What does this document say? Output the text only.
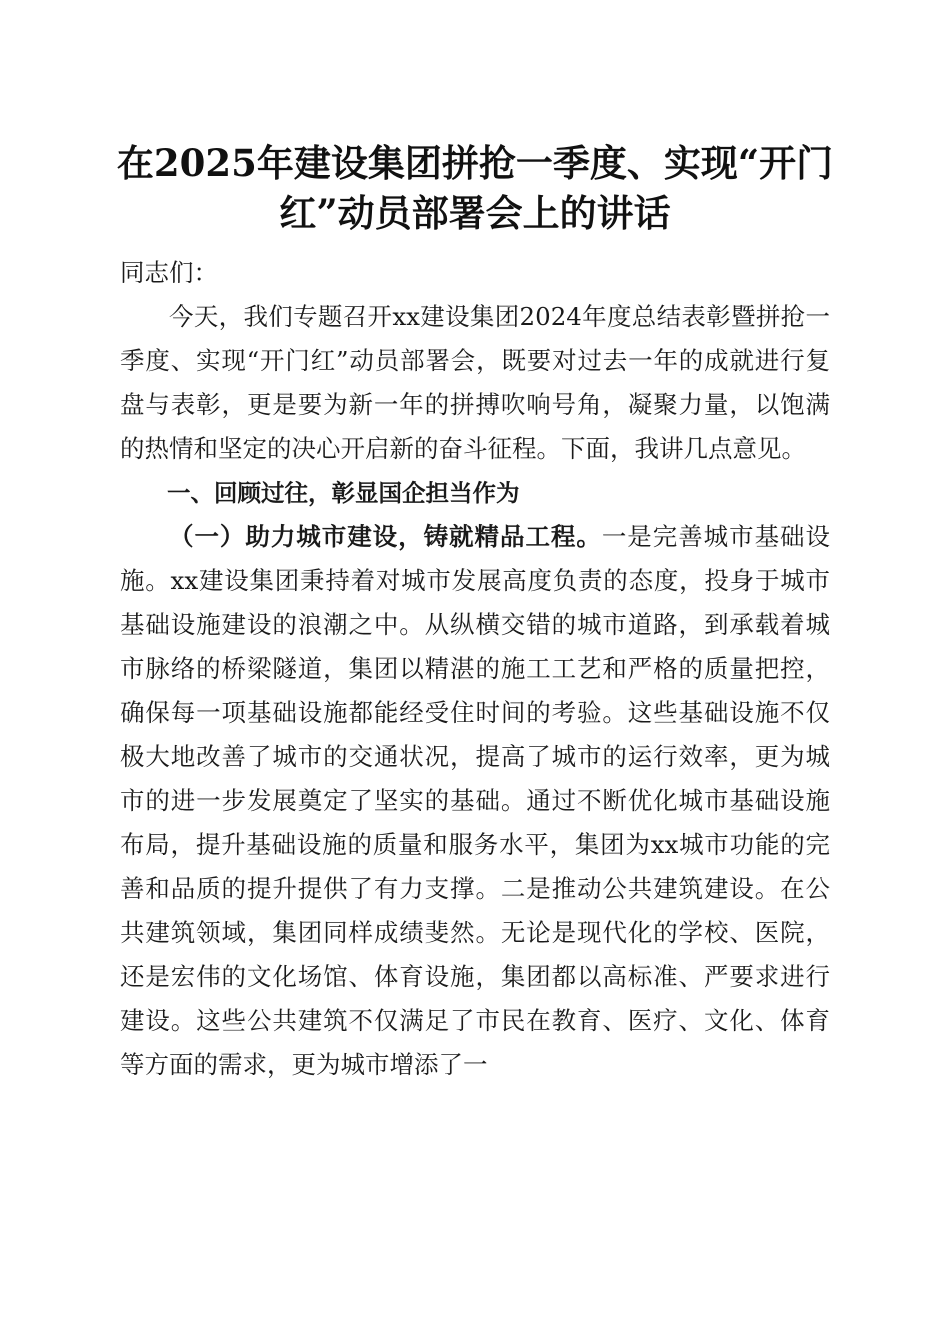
在2025年建设集团拼抢一季度、实现“开门
红”动员部署会上的讲话

同志们：

今天，我们专题召开xx建设集团2024年度总结表彰暨拼抢一季度、实现“开门红”动员部署会，既要对过去一年的成就进行复盘与表彰，更是要为新一年的拼搏吹响号角，凝聚力量，以饱满的热情和坚定的决心开启新的奋斗征程。下面，我讲几点意见。

一、回顾过往，彰显国企担当作为

（一）助力城市建设，铸就精品工程。一是完善城市基础设施。xx建设集团秉持着对城市发展高度负责的态度，投身于城市基础设施建设的浪潮之中。从纵横交错的城市道路，到承载着城市脉络的桥梁隧道，集团以精湛的施工工艺和严格的质量把控，确保每一项基础设施都能经受住时间的考验。这些基础设施不仅极大地改善了城市的交通状况，提高了城市的运行效率，更为城市的进一步发展奠定了坚实的基础。通过不断优化城市基础设施布局，提升基础设施的质量和服务水平，集团为xx城市功能的完善和品质的提升提供了有力支撑。二是推动公共建筑建设。在公共建筑领域，集团同样成绩斐然。无论是现代化的学校、医院，还是宏伟的文化场馆、体育设施，集团都以高标准、严要求进行建设。这些公共建筑不仅满足了市民在教育、医疗、文化、体育等方面的需求，更为城市增添了一
